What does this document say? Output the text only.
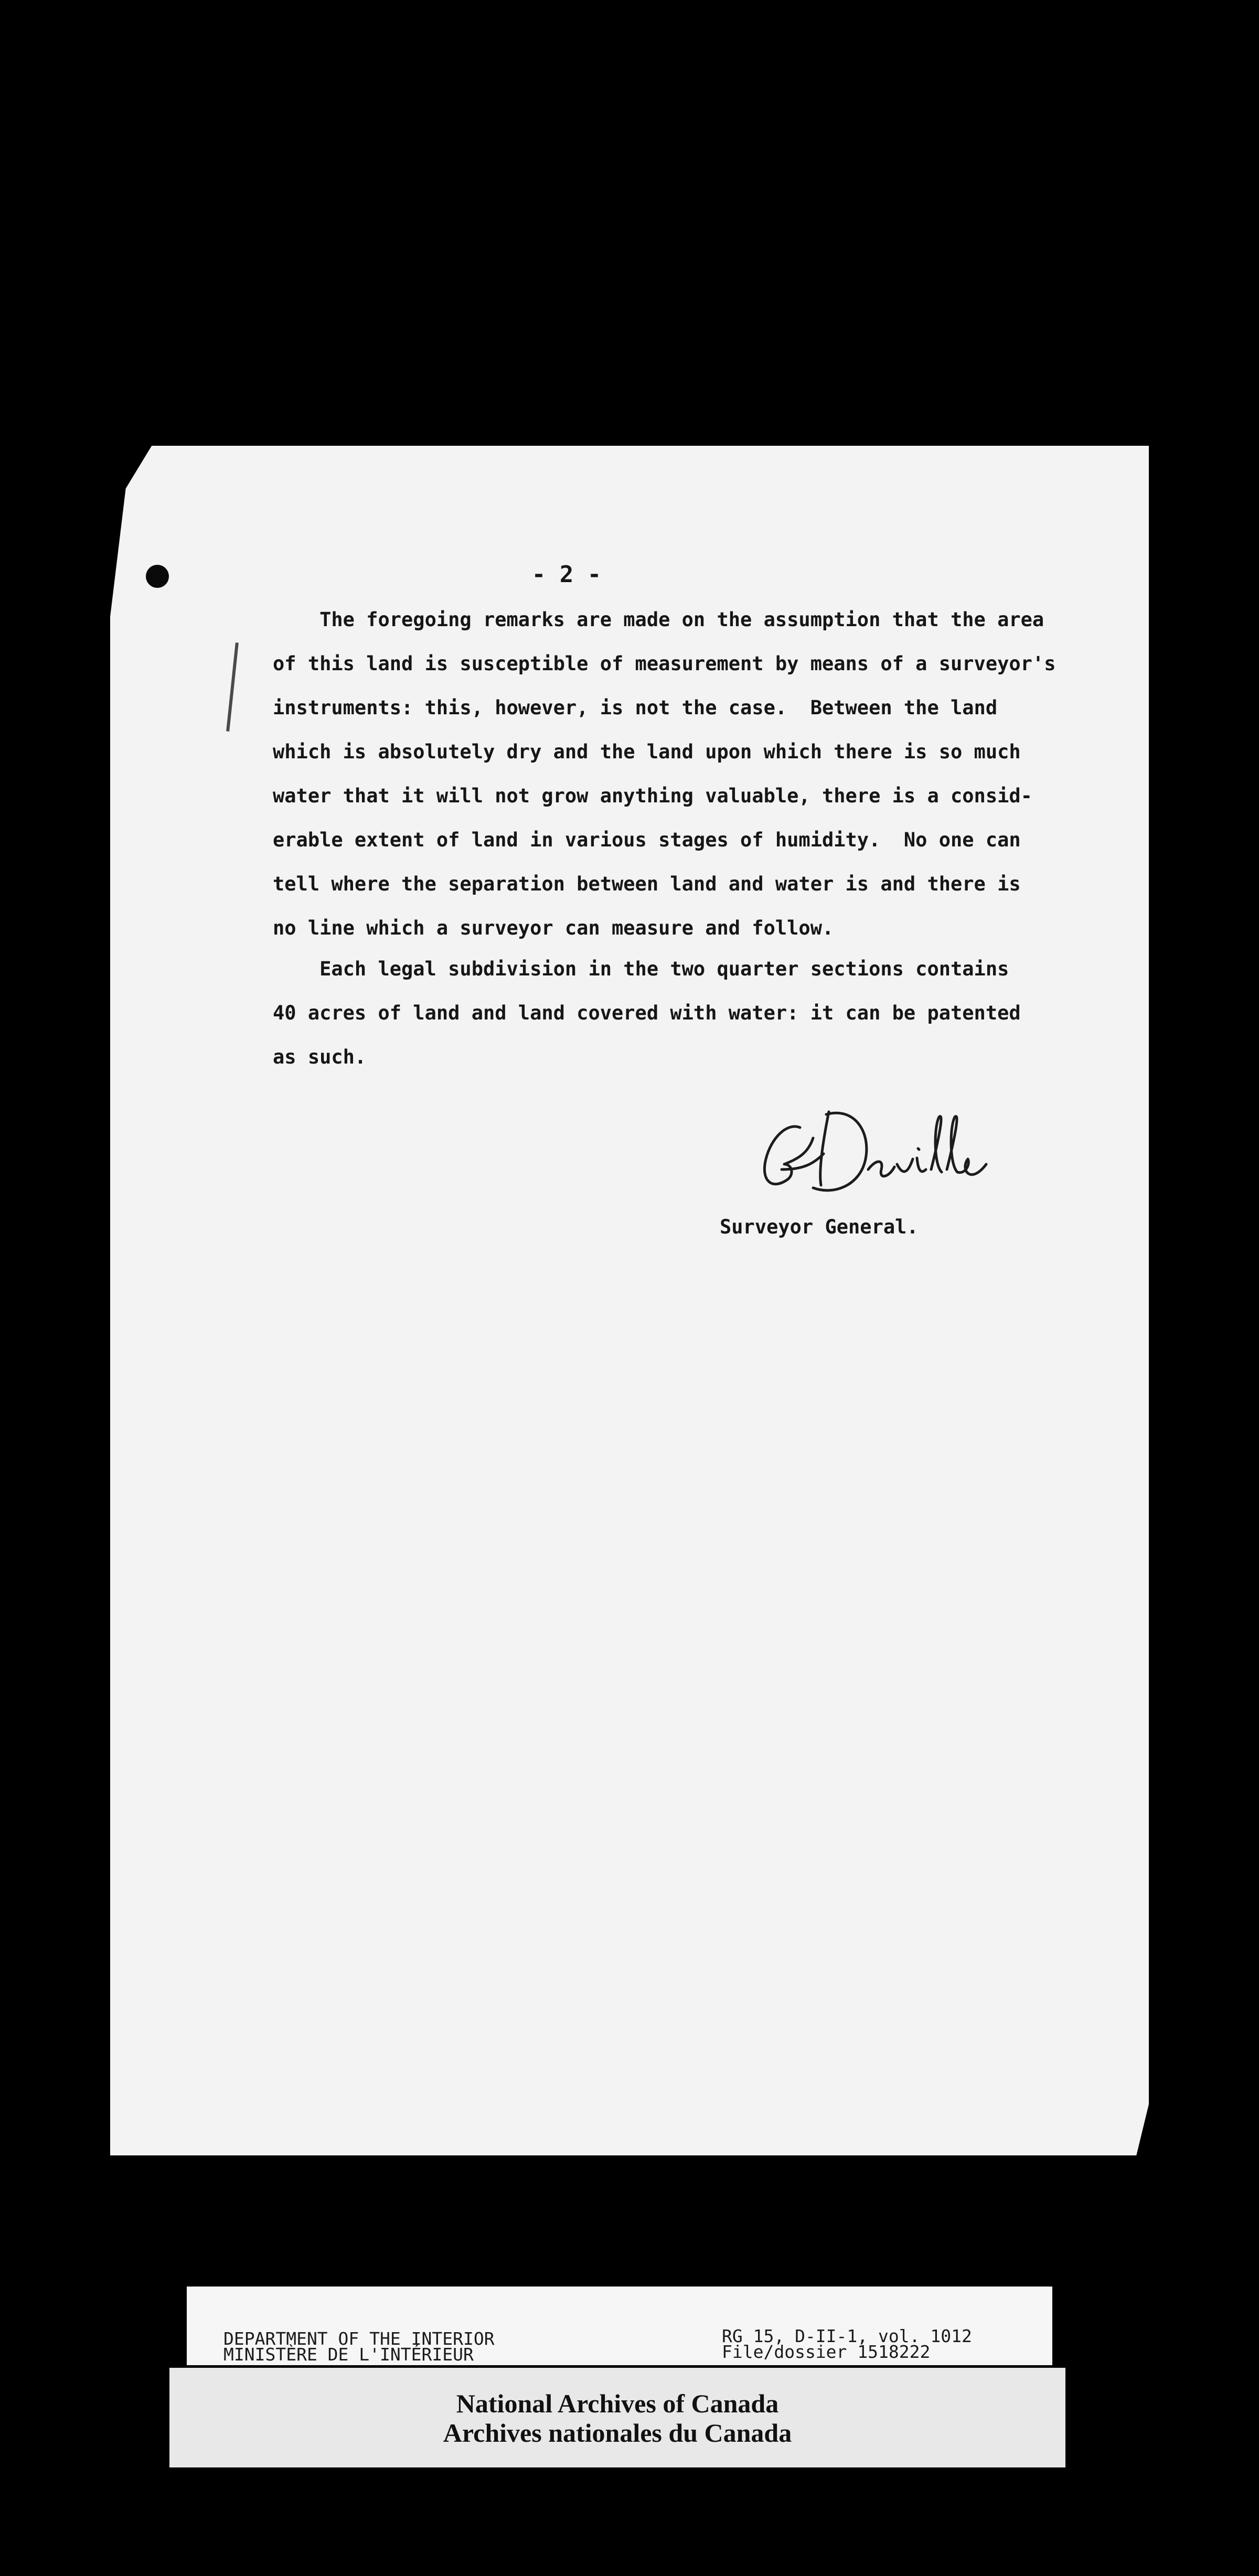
- 2 -
The foregoing remarks are made on the assumption that the area
of this land is susceptible of measurement by means of a surveyor's
instruments: this, however, is not the case.  Between the land
which is absolutely dry and the land upon which there is so much
water that it will not grow anything valuable, there is a consid-
erable extent of land in various stages of humidity.  No one can
tell where the separation between land and water is and there is
no line which a surveyor can measure and follow.
Each legal subdivision in the two quarter sections contains
40 acres of land and land covered with water: it can be patented
as such.
Surveyor General.
DEPARTMENT OF THE INTERIOR
MINISTÈRE DE L'INTÉRIEUR
RG 15, D-II-1, vol. 1012
File/dossier 1518222
National Archives of Canada
Archives nationales du Canada
